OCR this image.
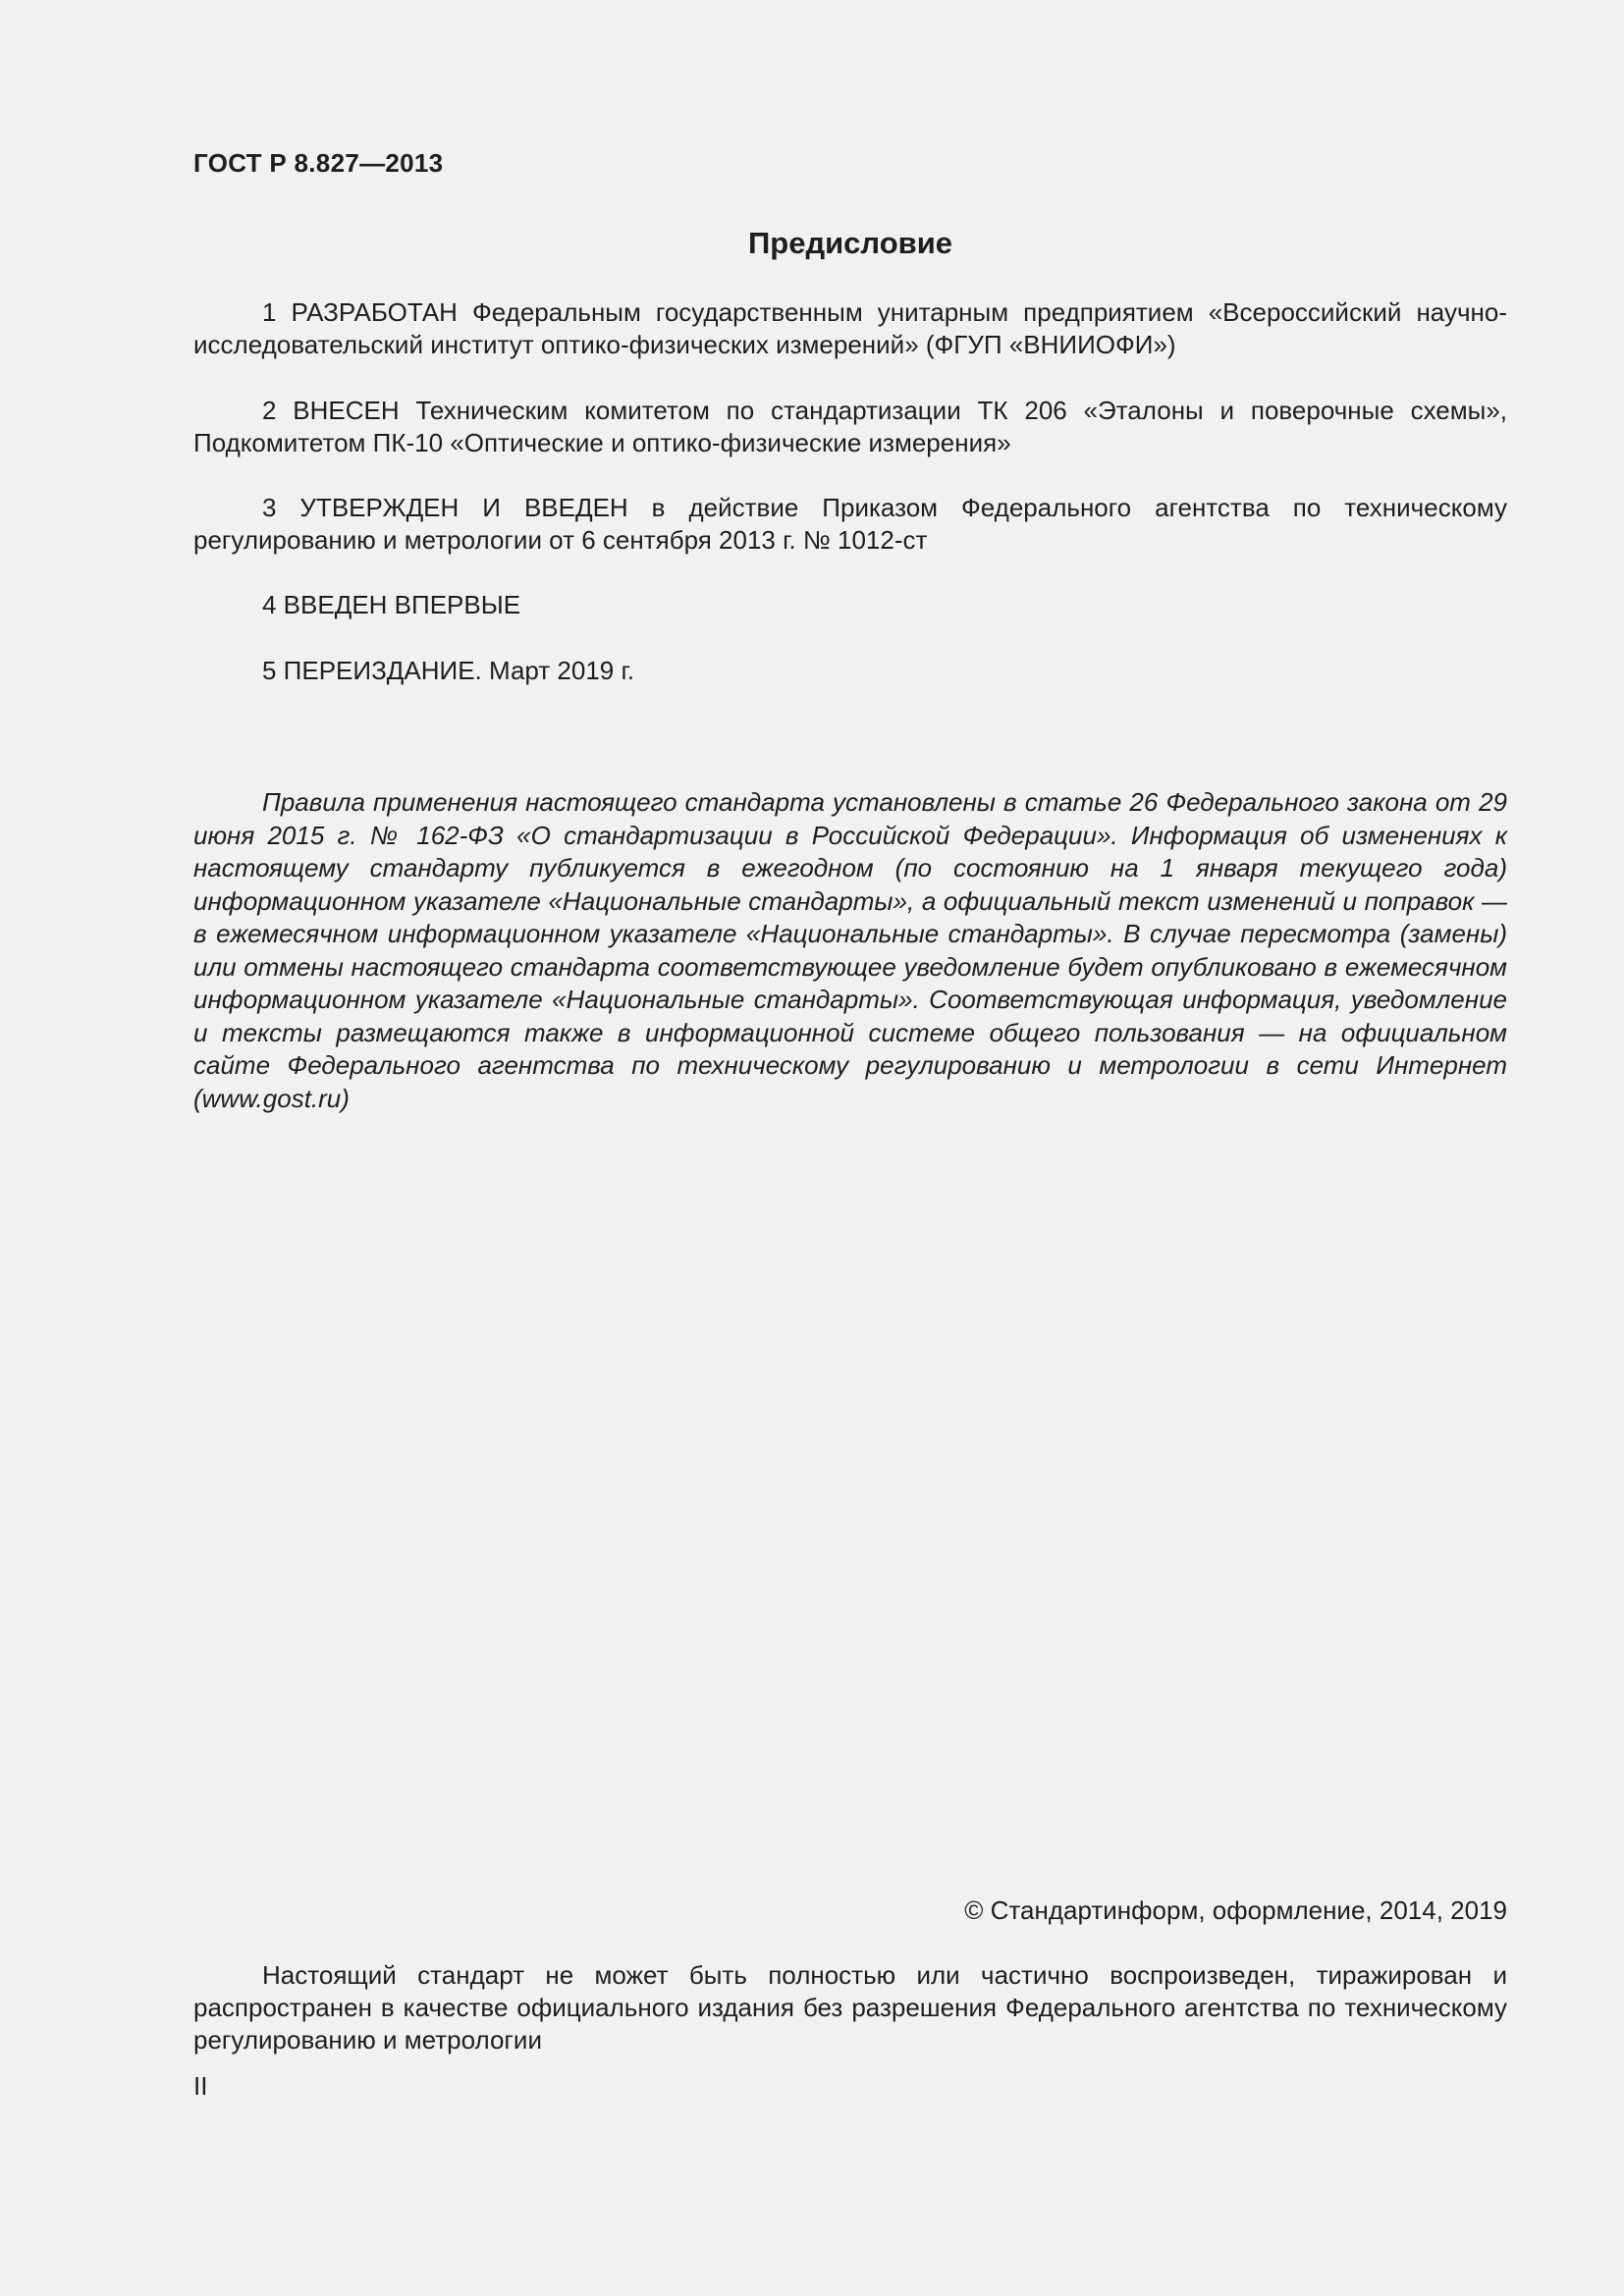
ГОСТ Р 8.827—2013
Предисловие

1 РАЗРАБОТАН Федеральным государственным унитарным предприятием «Всероссийский научно-исследовательский институт оптико-физических измерений» (ФГУП «ВНИИОФИ»)

2 ВНЕСЕН Техническим комитетом по стандартизации ТК 206 «Эталоны и поверочные схемы», Подкомитетом ПК-10 «Оптические и оптико-физические измерения»

3 УТВЕРЖДЕН И ВВЕДЕН в действие Приказом Федерального агентства по техническому регулированию и метрологии от 6 сентября 2013 г. № 1012-ст

4 ВВЕДЕН ВПЕРВЫЕ

5 ПЕРЕИЗДАНИЕ. Март 2019 г.

Правила применения настоящего стандарта установлены в статье 26 Федерального закона от 29 июня 2015 г. № 162-ФЗ «О стандартизации в Российской Федерации». Информация об изменениях к настоящему стандарту публикуется в ежегодном (по состоянию на 1 января текущего года) информационном указателе «Национальные стандарты», а официальный текст изменений и поправок — в ежемесячном информационном указателе «Национальные стандарты». В случае пересмотра (замены) или отмены настоящего стандарта соответствующее уведомление будет опубликовано в ежемесячном информационном указателе «Национальные стандарты». Соответствующая информация, уведомление и тексты размещаются также в информационной системе общего пользования — на официальном сайте Федерального агентства по техническому регулированию и метрологии в сети Интернет (www.gost.ru)

© Стандартинформ, оформление, 2014, 2019

Настоящий стандарт не может быть полностью или частично воспроизведен, тиражирован и распространен в качестве официального издания без разрешения Федерального агентства по техническому регулированию и метрологии

II
